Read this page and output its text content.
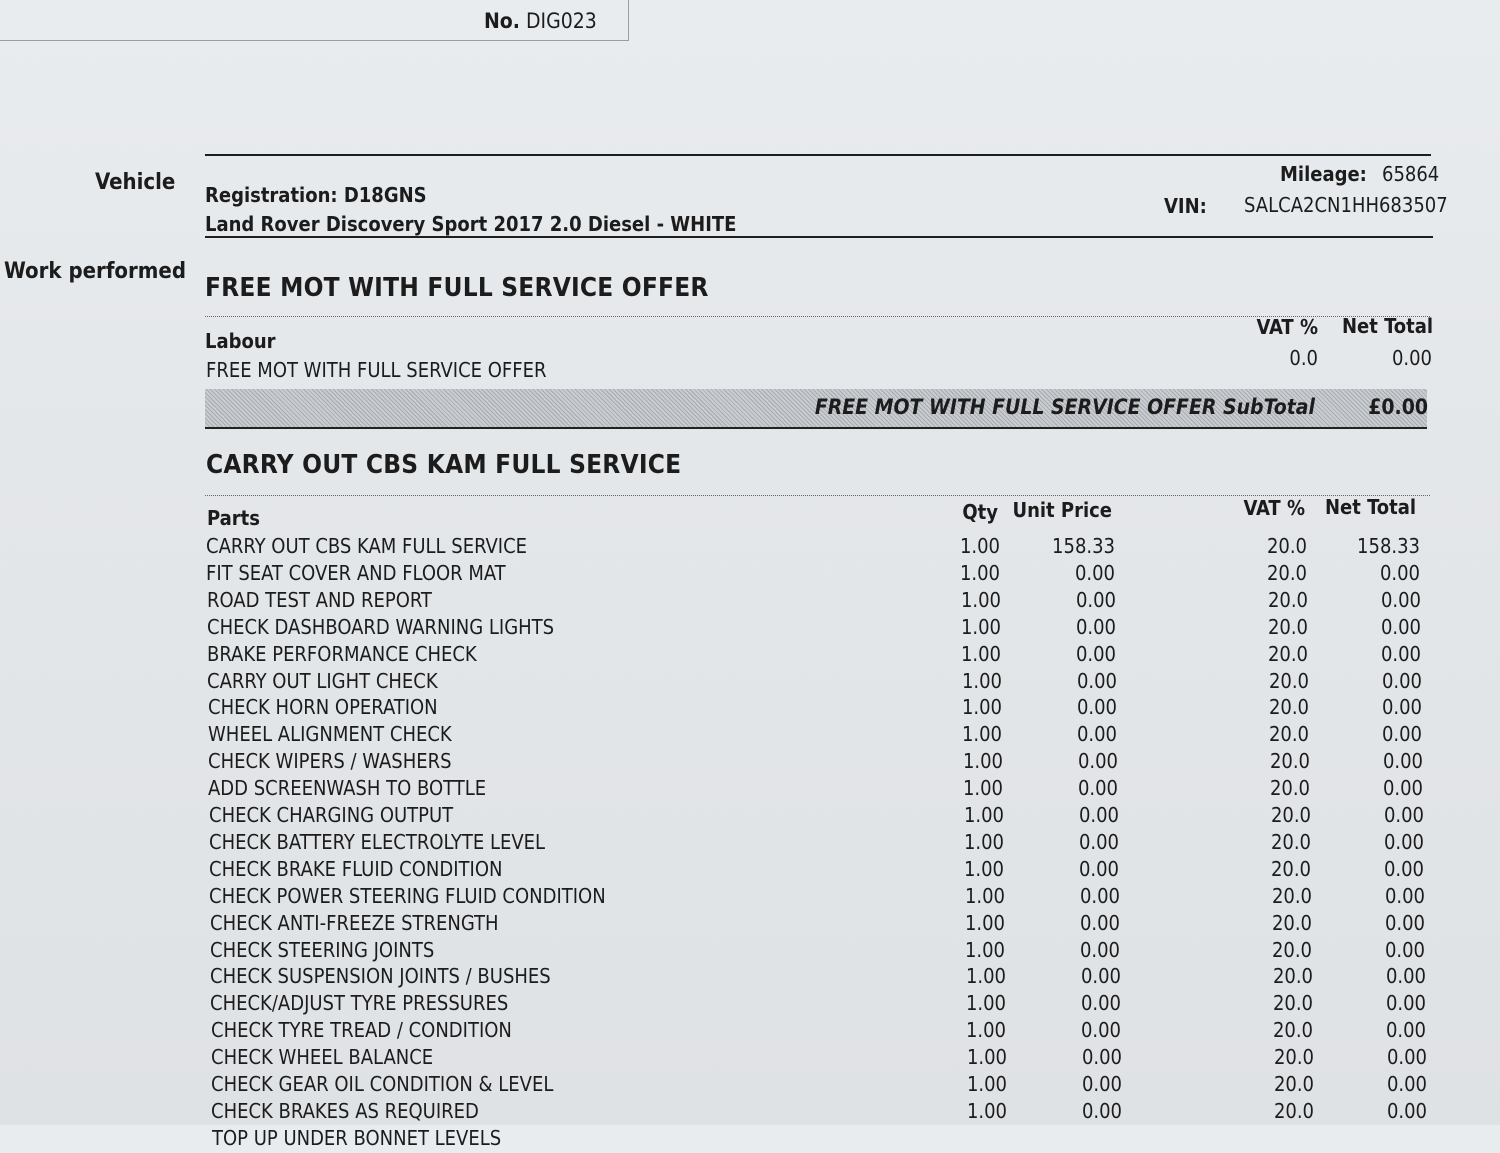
No. DIG023
Vehicle
Work performed
Registration: D18GNS
Land Rover Discovery Sport 2017 2.0 Diesel - WHITE
Mileage: 65864
VIN: SALCA2CN1HH683507
FREE MOT WITH FULL SERVICE OFFER
Labour
VAT %	Net Total
FREE MOT WITH FULL SERVICE OFFER	0.0	0.00
FREE MOT WITH FULL SERVICE OFFER SubTotal	£0.00
CARRY OUT CBS KAM FULL SERVICE
Parts	Qty Unit Price	VAT % Net Total
CARRY OUT CBS KAM FULL SERVICE	1.00	158.33	20.0	158.33
FIT SEAT COVER AND FLOOR MAT	1.00	0.00	20.0	0.00
ROAD TEST AND REPORT	1.00	0.00	20.0	0.00
CHECK DASHBOARD WARNING LIGHTS	1.00	0.00	20.0	0.00
BRAKE PERFORMANCE CHECK	1.00	0.00	20.0	0.00
CARRY OUT LIGHT CHECK	1.00	0.00	20.0	0.00
CHECK HORN OPERATION	1.00	0.00	20.0	0.00
WHEEL ALIGNMENT CHECK	1.00	0.00	20.0	0.00
CHECK WIPERS / WASHERS	1.00	0.00	20.0	0.00
ADD SCREENWASH TO BOTTLE	1.00	0.00	20.0	0.00
CHECK CHARGING OUTPUT	1.00	0.00	20.0	0.00
CHECK BATTERY ELECTROLYTE LEVEL	1.00	0.00	20.0	0.00
CHECK BRAKE FLUID CONDITION	1.00	0.00	20.0	0.00
CHECK POWER STEERING FLUID CONDITION	1.00	0.00	20.0	0.00
CHECK ANTI-FREEZE STRENGTH	1.00	0.00	20.0	0.00
CHECK STEERING JOINTS	1.00	0.00	20.0	0.00
CHECK SUSPENSION JOINTS / BUSHES	1.00	0.00	20.0	0.00
CHECK/ADJUST TYRE PRESSURES	1.00	0.00	20.0	0.00
CHECK TYRE TREAD / CONDITION	1.00	0.00	20.0	0.00
CHECK WHEEL BALANCE	1.00	0.00	20.0	0.00
CHECK GEAR OIL CONDITION & LEVEL	1.00	0.00	20.0	0.00
CHECK BRAKES AS REQUIRED	1.00	0.00	20.0	0.00
TOP UP UNDER BONNET LEVELS
